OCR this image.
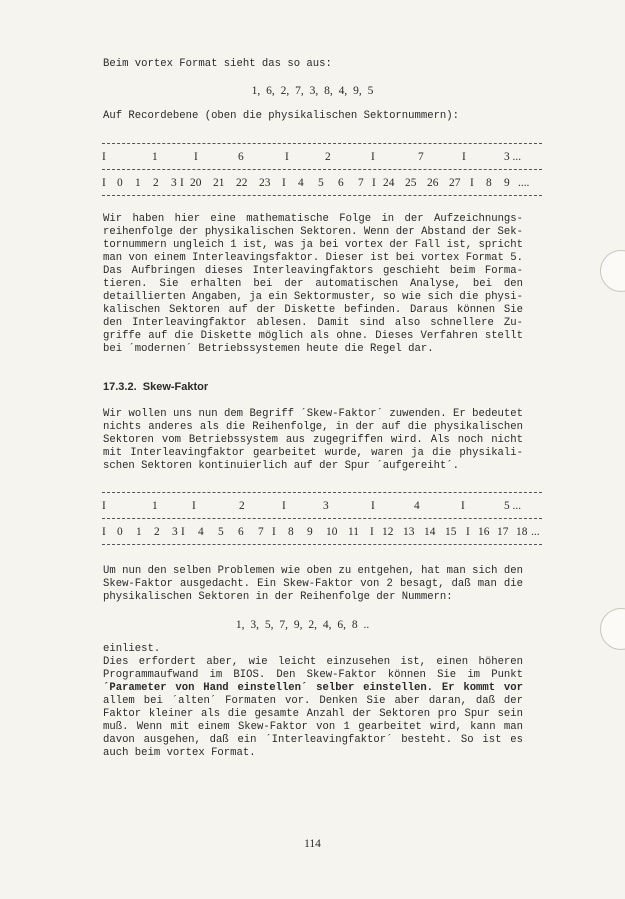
Beim vortex Format sieht das so aus:
1, 6, 2, 7, 3, 8, 4, 9, 5
Auf Recordebene (oben die physikalischen Sektornummern):
I	1	I	6	I	2	I	7	I	3 ...
I 0 1 2 3 I 20 21 22 23 I 4 5 6 7 I 24 25 26 27 I 8 9 ....
Wir haben hier eine mathematische Folge in der Aufzeichnungs-
reihenfolge der physikalischen Sektoren. Wenn der Abstand der Sek-
tornummern ungleich 1 ist, was ja bei vortex der Fall ist, spricht
man von einem Interleavingsfaktor. Dieser ist bei vortex Format 5.
Das Aufbringen dieses Interleavingfaktors geschieht beim Forma-
tieren. Sie erhalten bei der automatischen Analyse, bei den
detaillierten Angaben, ja ein Sektormuster, so wie sich die physi-
kalischen Sektoren auf der Diskette befinden. Daraus können Sie
den Interleavingfaktor ablesen. Damit sind also schnellere Zu-
griffe auf die Diskette möglich als ohne. Dieses Verfahren stellt
bei ´modernen´ Betriebssystemen heute die Regel dar.
17.3.2.  Skew-Faktor
Wir wollen uns nun dem Begriff ´Skew-Faktor´ zuwenden. Er bedeutet
nichts anderes als die Reihenfolge, in der auf die physikalischen
Sektoren vom Betriebssystem aus zugegriffen wird. Als noch nicht
mit Interleavingfaktor gearbeitet wurde, waren ja die physikali-
schen Sektoren kontinuierlich auf der Spur ´aufgereiht´.
I	1	I	2	I	3	I	4	I	5 ...
I 0 1 2 3 I 4 5 6 7 I 8 9 10 11 I 12 13 14 15 I 16 17 18 ...
Um nun den selben Problemen wie oben zu entgehen, hat man sich den
Skew-Faktor ausgedacht. Ein Skew-Faktor von 2 besagt, daß man die
physikalischen Sektoren in der Reihenfolge der Nummern:
1, 3, 5, 7, 9, 2, 4, 6, 8 ..
einliest.
Dies erfordert aber, wie leicht einzusehen ist, einen höheren
Programmaufwand im BIOS. Den Skew-Faktor können Sie im Punkt
´Parameter von Hand einstellen´ selber einstellen. Er kommt vor
allem bei ´alten´ Formaten vor. Denken Sie aber daran, daß der
Faktor kleiner als die gesamte Anzahl der Sektoren pro Spur sein
muß. Wenn mit einem Skew-Faktor von 1 gearbeitet wird, kann man
davon ausgehen, daß ein ´Interleavingfaktor´ besteht. So ist es
auch beim vortex Format.
114
